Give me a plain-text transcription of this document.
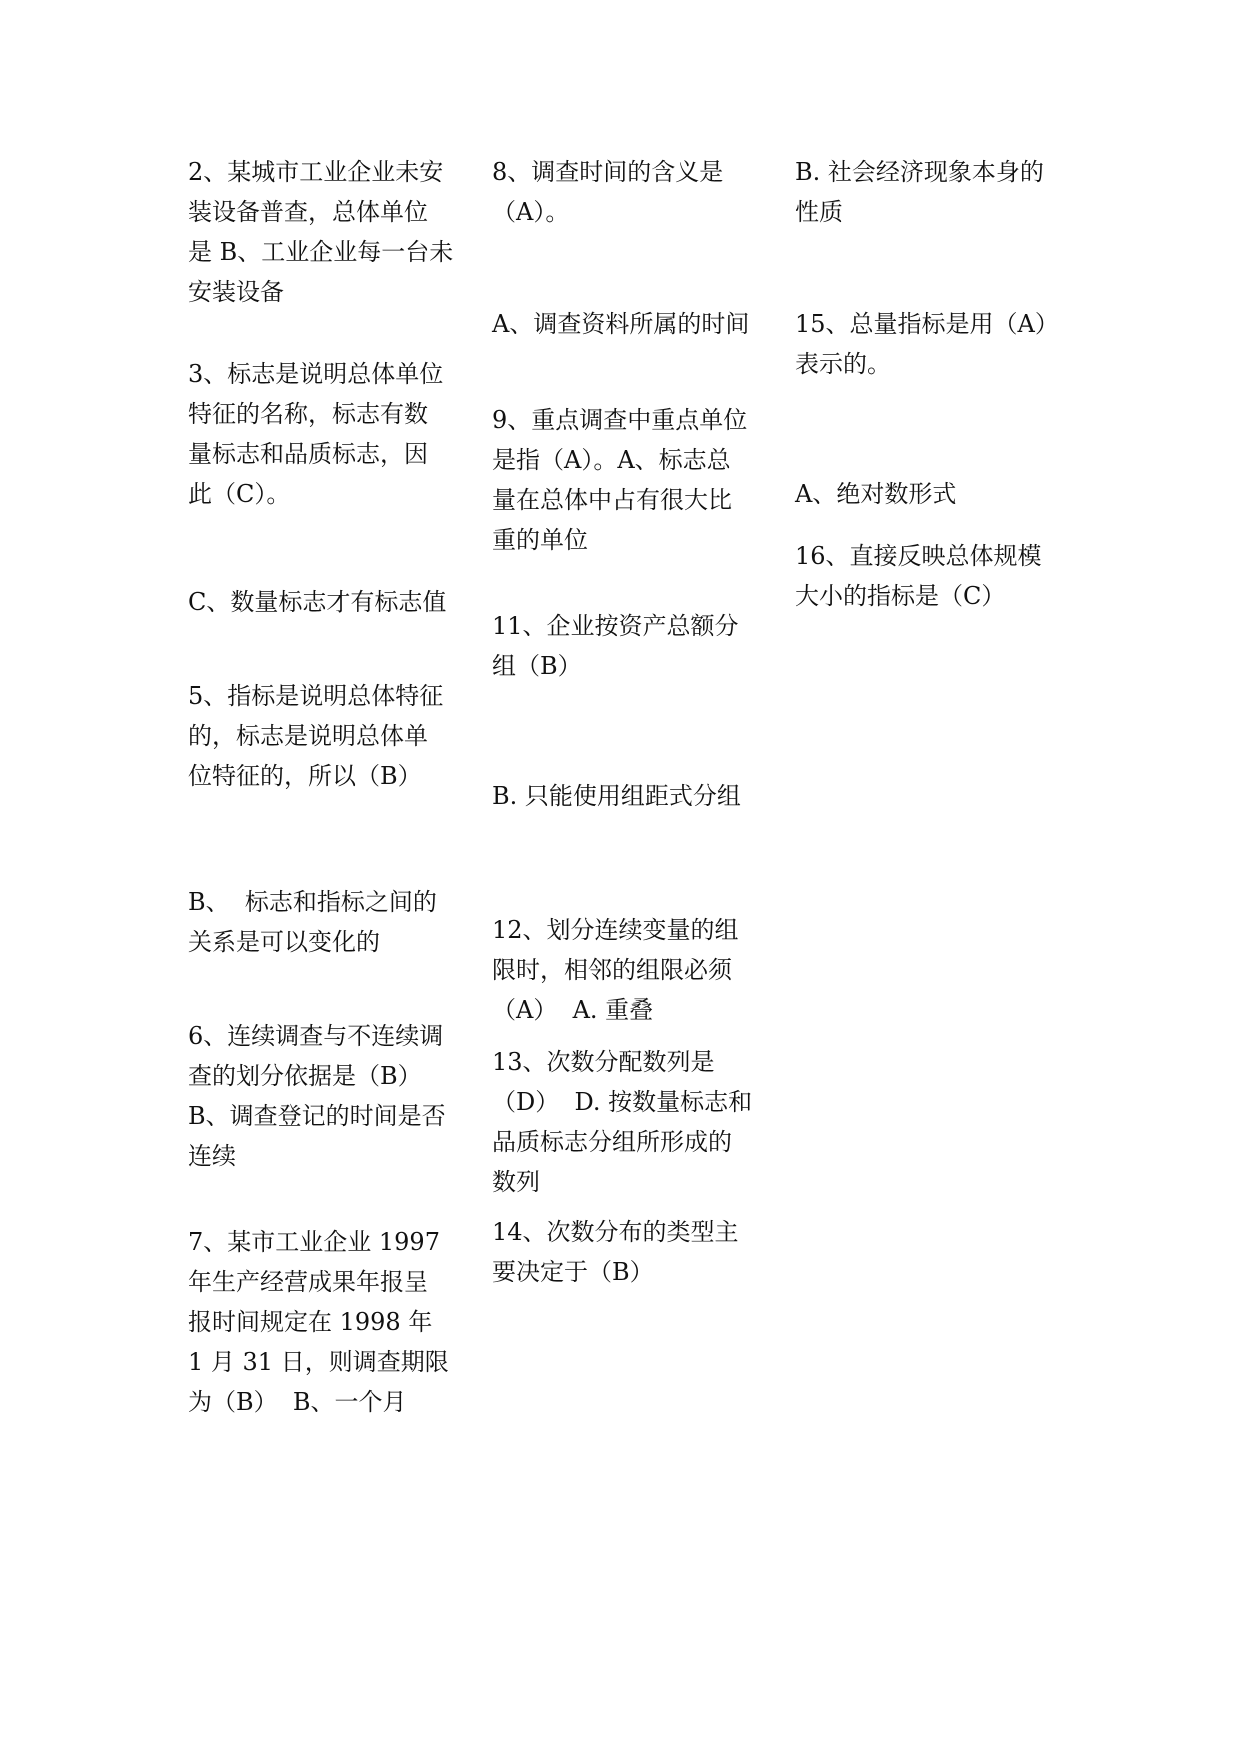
2、某城市工业企业未安
装设备普查，总体单位
是 B、工业企业每一台未
安装设备

3、标志是说明总体单位
特征的名称，标志有数
量标志和品质标志，因
此（C）。

C、数量标志才有标志值

5、指标是说明总体特征
的，标志是说明总体单
位特征的，所以（B）

B、  标志和指标之间的
关系是可以变化的

6、连续调查与不连续调
查的划分依据是（B）
B、调查登记的时间是否
连续

7、某市工业企业 1997
年生产经营成果年报呈
报时间规定在 1998 年
1 月 31 日，则调查期限
为（B）  B、一个月

8、调查时间的含义是
（A）。

A、调查资料所属的时间

9、重点调查中重点单位
是指（A）。A、标志总
量在总体中占有很大比
重的单位

11、企业按资产总额分
组（B）

B. 只能使用组距式分组

12、划分连续变量的组
限时，相邻的组限必须
（A）  A. 重叠

13、次数分配数列是
（D）  D. 按数量标志和
品质标志分组所形成的
数列

14、次数分布的类型主
要决定于（B）

B. 社会经济现象本身的
性质

15、总量指标是用（A）
表示的。

A、绝对数形式

16、直接反映总体规模
大小的指标是（C）
